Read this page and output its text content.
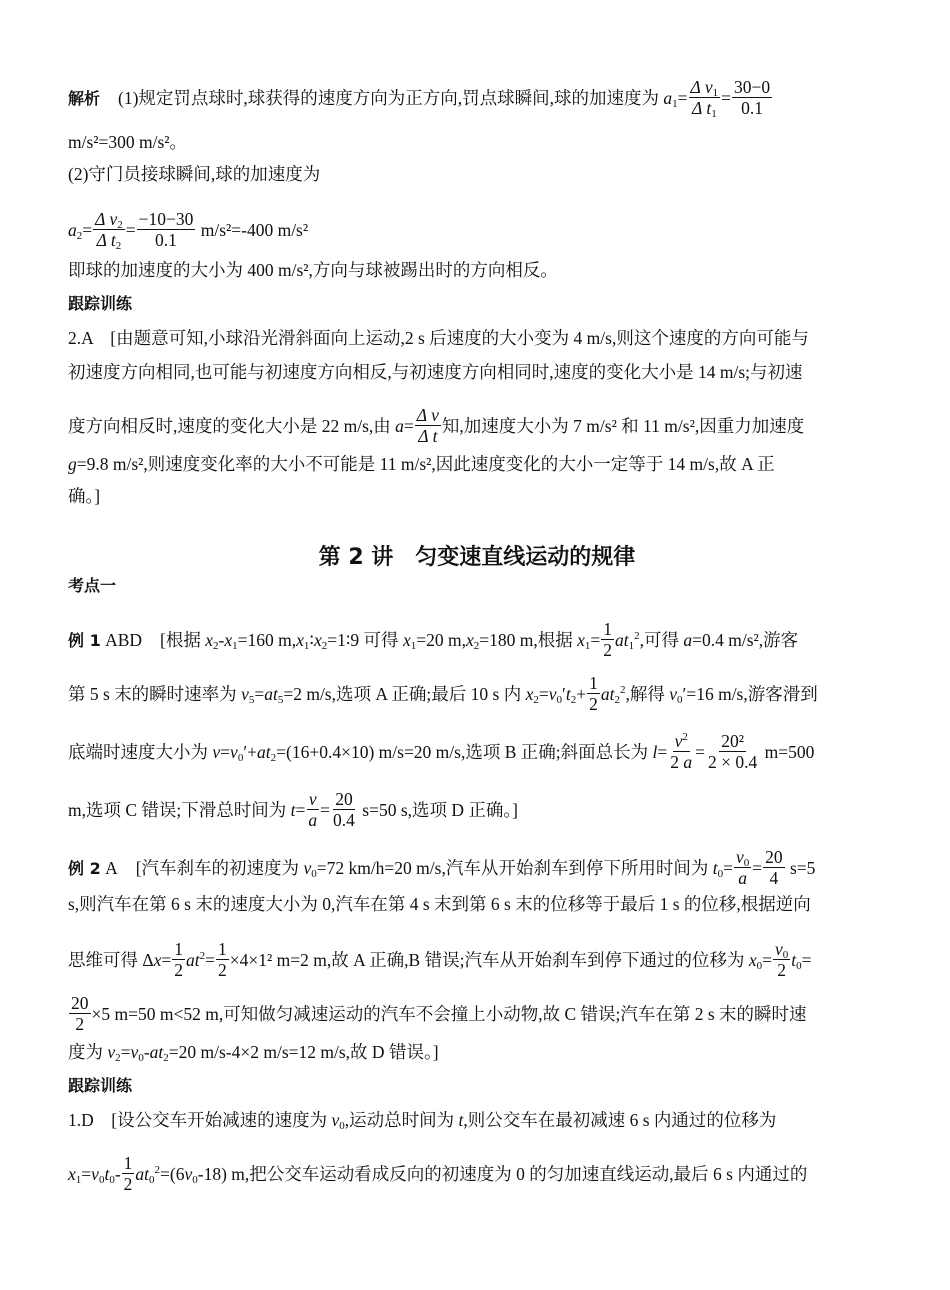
解析 (1)规定罚点球时,球获得的速度方向为正方向,罚点球瞬间,球的加速度为 $a_1= \frac{\Delta v_1}{\Delta t_1} = \frac{30-0}{0.1}$
m/s²=300 m/s²。
(2)守门员接球瞬间,球的加速度为
$a_2= \frac{\Delta v_2}{\Delta t_2} = \frac{-10-30}{0.1} m/s^2=-400$ m/s²
即球的加速度的大小为 400 m/s²,方向与球被踢出时的方向相反。
跟踪训练
2.A　[由题意可知,小球沿光滑斜面向上运动,2 s 后速度的大小变为 4 m/s,则这个速度的方向可能与
初速度方向相同,也可能与初速度方向相反,与初速度方向相同时,速度的变化大小是 14 m/s;与初速
度方向相反时,速度的变化大小是 22 m/s,由 $a= \frac{\text{Δ v}}{\text{Δ t}}$ 知,加速度大小为 7 m/s² 和 11 m/s²,因重力加速度
g=9.8 m/s²,则速度变化率的大小不可能是 11 m/s²,因此速度变化的大小一定等于 14 m/s,故 A 正
确。]
第 2 讲　匀变速直线运动的规律
考点一
例 1 ABD [根据 $x_2-x_1=160$ $m,x_1∶x_2=1∶9$ 可得 $x_1=20$ $m,x_2=180$ m,根据 $x_1= \frac{1}{2} at_1^2$,可得 a=0.4 m/s²,游客
第 5 s 末的瞬时速率为 $v_5=at_5=2$ m/s,选项 A 正确;最后 10 s 内 $x_2=v_0't_2+ \frac{1}{2} at_2^2$,解得 $v_0'=16$ m/s,游客滑到
底端时速度大小为 $v=v_0'+at_2=(16+0.4\times 10)$ m/s=20 m/s,选项 B 正确;斜面总长为 $l= \frac{v^2}{2 a} = \frac{\text{20²}}{2 \times 0.4} m=500$
m,选项 C 错误;下滑总时间为 $t= \frac{v}{a} = \frac{20}{0.4} s=50$ s,选项 D 正确。]
例 2 A [汽车刹车的初速度为 $v_0=72$ km/h=20 m/s,汽车从开始刹车到停下所用时间为 $t_0= \frac{v_0}{a} = \frac{20}{4} s=5$
s,则汽车在第 6 s 末的速度大小为 0,汽车在第 4 s 末到第 6 s 末的位移等于最后 1 s 的位移,根据逆向
思维可得 $\Delta x= \frac{1}{2} at^2= \frac{1}{2} \times 4\times 1^2$ m=2 m,故 A 正确,B 错误;汽车从开始刹车到停下通过的位移为 $x_0= \frac{v_0}{2} t_0=$
$\frac{20}{2} \times 5$ m=50 m<52 m,可知做匀减速运动的汽车不会撞上小动物,故 C 错误;汽车在第 2 s 末的瞬时速
度为 $v_2=v_0-at_2=20$ m/s-4×2 m/s=12 m/s,故 D 错误。]
跟踪训练
1.D　[设公交车开始减速的速度为 $v_0$,运动总时间为 t,则公交车在最初减速 6 s 内通过的位移为
$x_1=v_0t_0- \frac{1}{2} at_0^2=(6v_0-18)$ m,把公交车运动看成反向的初速度为 0 的匀加速直线运动,最后 6 s 内通过的
